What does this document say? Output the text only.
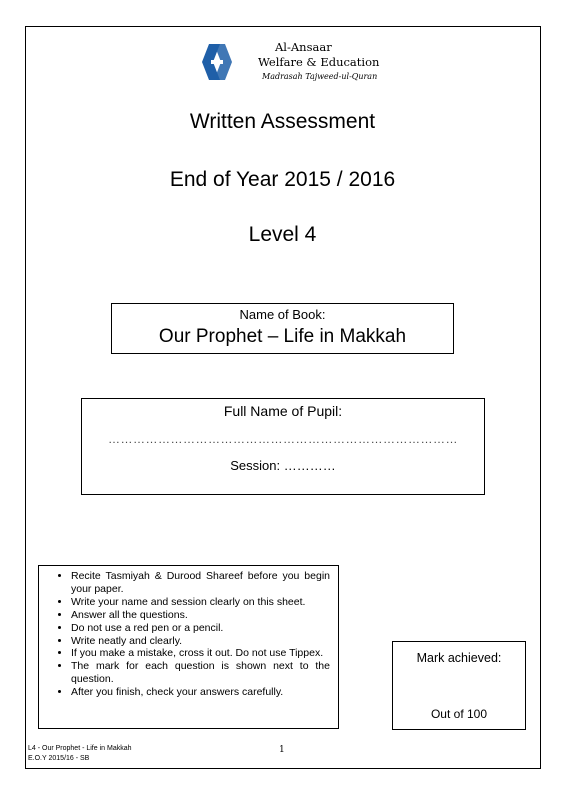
Al-Ansaar
Welfare & Education
Madrasah Tajweed-ul-Quran
Written Assessment
End of Year 2015 / 2016
Level 4
Name of Book:
Our Prophet – Life in Makkah
Full Name of Pupil:
…………………………………………………………………………
Session: …………
• Recite Tasmiyah & Durood Shareef before you begin your paper.
• Write your name and session clearly on this sheet.
• Answer all the questions.
• Do not use a red pen or a pencil.
• Write neatly and clearly.
• If you make a mistake, cross it out. Do not use Tippex.
• The mark for each question is shown next to the question.
• After you finish, check your answers carefully.
Mark achieved:
Out of 100
L4 - Our Prophet - Life in Makkah
E.O.Y 2015/16 - SB
1
